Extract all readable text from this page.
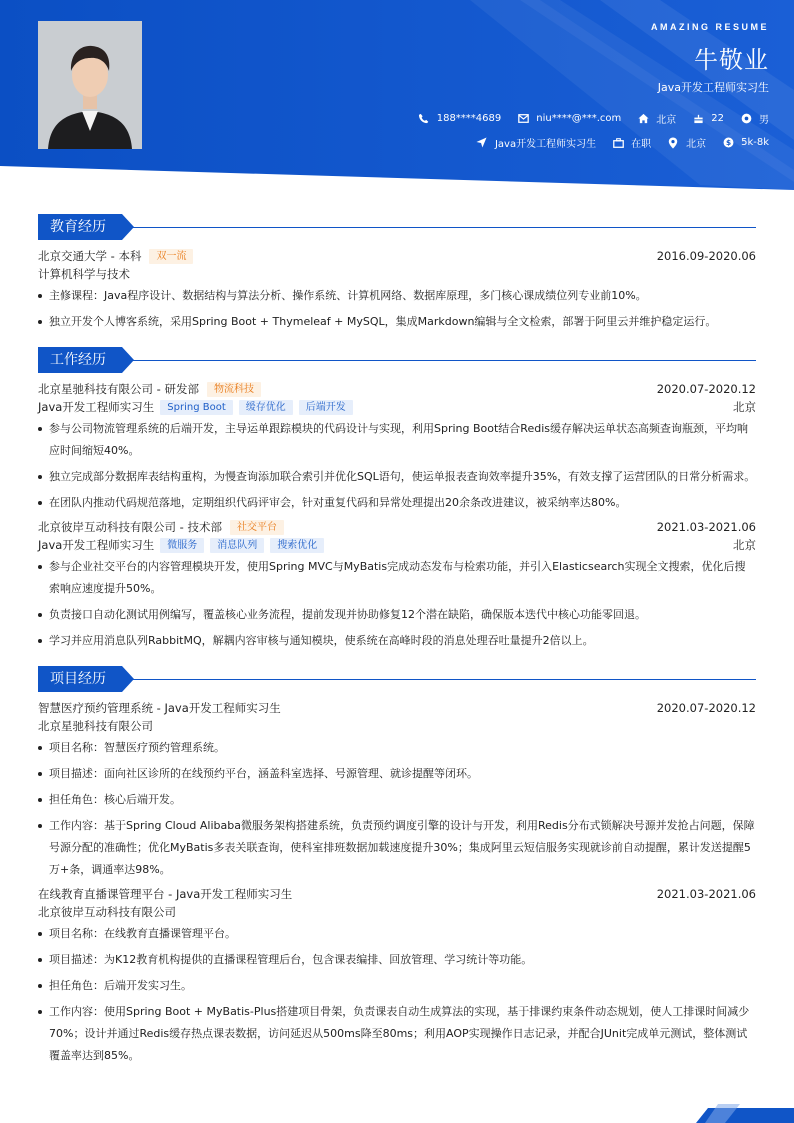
AMAZING RESUME
牛敬业
Java开发工程师实习生
188****4689	niu****@***.com	北京	22	男
Java开发工程师实习生	在职	北京 $ 5k-8k
教育经历
北京交通大学 - 本科	双一流	2016.09-2020.06
计算机科学与技术
主修课程：Java程序设计、数据结构与算法分析、操作系统、计算机网络、数据库原理，多门核心课成绩位列专业前10%。
独立开发个人博客系统，采用Spring Boot + Thymeleaf + MySQL，集成Markdown编辑与全文检索，部署于阿里云并维护稳定运行。
工作经历
北京星驰科技有限公司 - 研发部	物流科技	2020.07-2020.12
Java开发工程师实习生	Spring Boot	缓存优化	后端开发	北京
参与公司物流管理系统的后端开发，主导运单跟踪模块的代码设计与实现，利用Spring Boot结合Redis缓存解决运单状态高频查询瓶颈，平均响应时间缩短40%。
独立完成部分数据库表结构重构，为慢查询添加联合索引并优化SQL语句，使运单报表查询效率提升35%，有效支撑了运营团队的日常分析需求。
在团队内推动代码规范落地，定期组织代码评审会，针对重复代码和异常处理提出20余条改进建议，被采纳率达80%。
北京彼岸互动科技有限公司 - 技术部	社交平台	2021.03-2021.06
Java开发工程师实习生	微服务	消息队列	搜索优化	北京
参与企业社交平台的内容管理模块开发，使用Spring MVC与MyBatis完成动态发布与检索功能，并引入Elasticsearch实现全文搜索，优化后搜索响应速度提升50%。
负责接口自动化测试用例编写，覆盖核心业务流程，提前发现并协助修复12个潜在缺陷，确保版本迭代中核心功能零回退。
学习并应用消息队列RabbitMQ，解耦内容审核与通知模块，使系统在高峰时段的消息处理吞吐量提升2倍以上。
项目经历
智慧医疗预约管理系统 - Java开发工程师实习生	2020.07-2020.12
北京星驰科技有限公司
项目名称：智慧医疗预约管理系统。
项目描述：面向社区诊所的在线预约平台，涵盖科室选择、号源管理、就诊提醒等闭环。
担任角色：核心后端开发。
工作内容：基于Spring Cloud Alibaba微服务架构搭建系统，负责预约调度引擎的设计与开发，利用Redis分布式锁解决号源并发抢占问题，保障号源分配的准确性；优化MyBatis多表关联查询，使科室排班数据加载速度提升30%；集成阿里云短信服务实现就诊前自动提醒，累计发送提醒5万+条，调通率达98%。
在线教育直播课管理平台 - Java开发工程师实习生	2021.03-2021.06
北京彼岸互动科技有限公司
项目名称：在线教育直播课管理平台。
项目描述：为K12教育机构提供的直播课程管理后台，包含课表编排、回放管理、学习统计等功能。
担任角色：后端开发实习生。
工作内容：使用Spring Boot + MyBatis-Plus搭建项目骨架，负责课表自动生成算法的实现，基于排课约束条件动态规划，使人工排课时间减少70%；设计并通过Redis缓存热点课表数据，访问延迟从500ms降至80ms；利用AOP实现操作日志记录，并配合JUnit完成单元测试，整体测试覆盖率达到85%。
